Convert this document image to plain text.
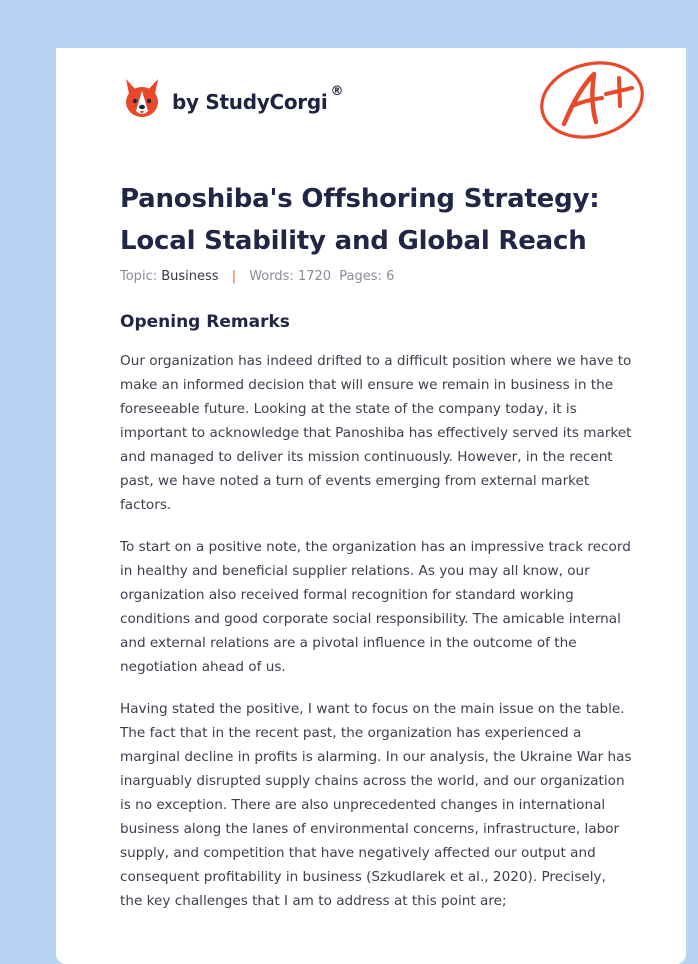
by StudyCorgi ®
Panoshiba's Offshoring Strategy:
Local Stability and Global Reach
Topic: Business | Words: 1720 Pages: 6
Opening Remarks

Our organization has indeed drifted to a difficult position where we have to make an informed decision that will ensure we remain in business in the foreseeable future. Looking at the state of the company today, it is important to acknowledge that Panoshiba has effectively served its market and managed to deliver its mission continuously. However, in the recent past, we have noted a turn of events emerging from external market factors.

To start on a positive note, the organization has an impressive track record in healthy and beneficial supplier relations. As you may all know, our organization also received formal recognition for standard working conditions and good corporate social responsibility. The amicable internal and external relations are a pivotal influence in the outcome of the negotiation ahead of us.

Having stated the positive, I want to focus on the main issue on the table. The fact that in the recent past, the organization has experienced a marginal decline in profits is alarming. In our analysis, the Ukraine War has inarguably disrupted supply chains across the world, and our organization is no exception. There are also unprecedented changes in international business along the lanes of environmental concerns, infrastructure, labor supply, and competition that have negatively affected our output and consequent profitability in business (Szkudlarek et al., 2020). Precisely, the key challenges that I am to address at this point are;
